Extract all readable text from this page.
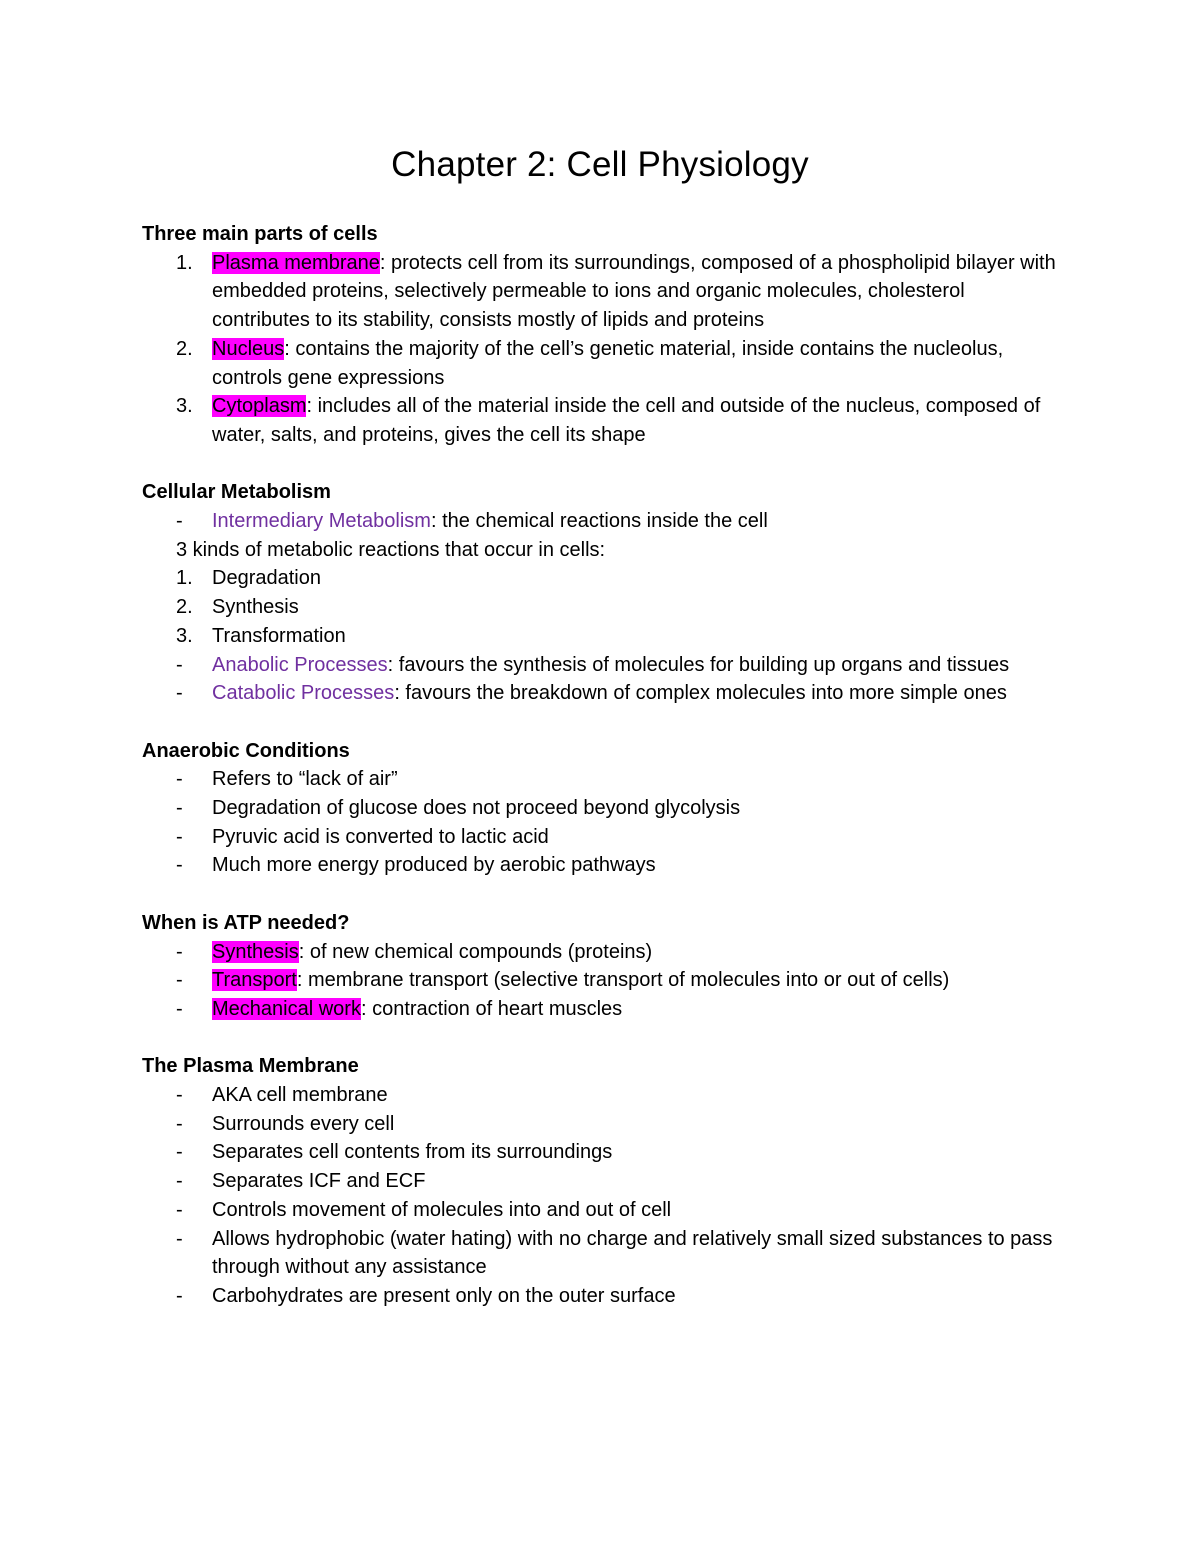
Chapter 2: Cell Physiology

Three main parts of cells

1. Plasma membrane: protects cell from its surroundings, composed of a phospholipid bilayer with embedded proteins, selectively permeable to ions and organic molecules, cholesterol contributes to its stability, consists mostly of lipids and proteins
2. Nucleus: contains the majority of the cell’s genetic material, inside contains the nucleolus, controls gene expressions
3. Cytoplasm: includes all of the material inside the cell and outside of the nucleus, composed of water, salts, and proteins, gives the cell its shape

Cellular Metabolism

- Intermediary Metabolism: the chemical reactions inside the cell

3 kinds of metabolic reactions that occur in cells:

1. Degradation
2. Synthesis
3. Transformation
- Anabolic Processes: favours the synthesis of molecules for building up organs and tissues
- Catabolic Processes: favours the breakdown of complex molecules into more simple ones

Anaerobic Conditions

- Refers to “lack of air”
- Degradation of glucose does not proceed beyond glycolysis
- Pyruvic acid is converted to lactic acid
- Much more energy produced by aerobic pathways

When is ATP needed?

- Synthesis: of new chemical compounds (proteins)
- Transport: membrane transport (selective transport of molecules into or out of cells)
- Mechanical work: contraction of heart muscles

The Plasma Membrane

- AKA cell membrane
- Surrounds every cell
- Separates cell contents from its surroundings
- Separates ICF and ECF
- Controls movement of molecules into and out of cell
- Allows hydrophobic (water hating) with no charge and relatively small sized substances to pass through without any assistance
- Carbohydrates are present only on the outer surface
